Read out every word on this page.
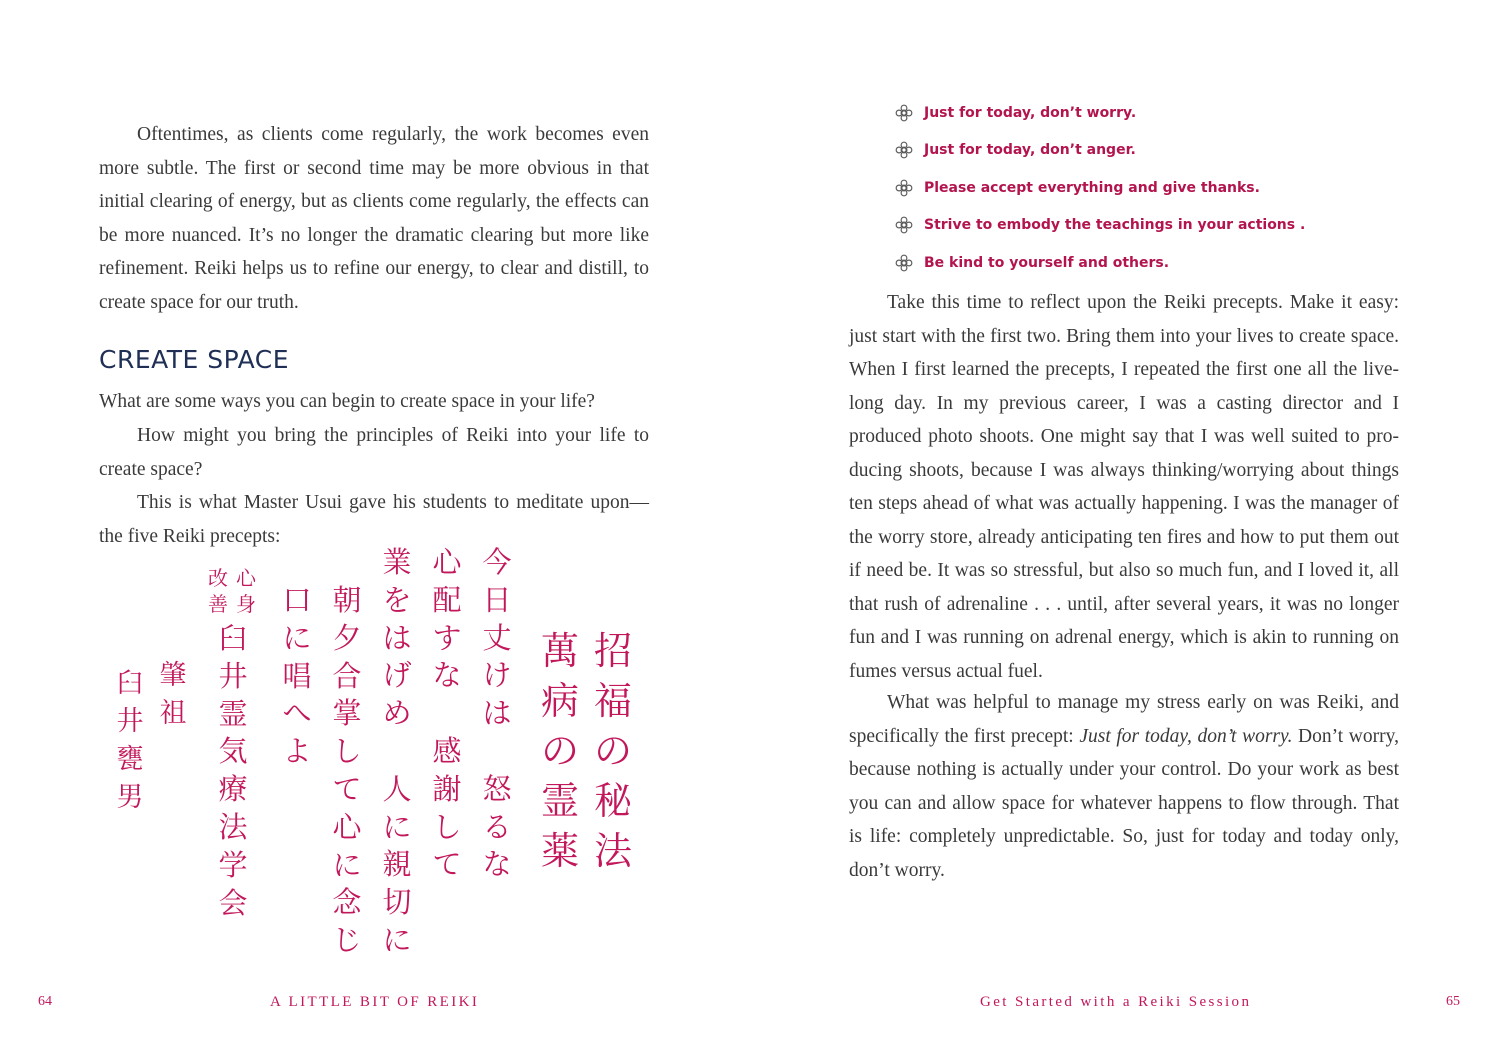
Oftentimes, as clients come regularly, the work becomes even more subtle. The first or second time may be more obvious in that initial clearing of energy, but as clients come regularly, the effects can be more nuanced. It’s no longer the dramatic clearing but more like refinement. Reiki helps us to refine our energy, to clear and distill, to create space for our truth.

CREATE SPACE

What are some ways you can begin to create space in your life?

How might you bring the principles of Reiki into your life to create space?

This is what Master Usui gave his students to meditate upon—the five Reiki precepts:

招
福
の
秘
法
萬
病
の
霊
薬
今
日
丈
け
は

怒
る
な
心
配
す
な

感
謝
し
て
業
を
は
げ
め

人
に
親
切
に
朝
夕
合
掌
し
て
心
に
念
じ
口
に
唱
へ
よ
心
身
改
善
臼
井
霊
気
療
法
学
会
肇
祖
臼
井
甕
男
64	A LITTLE BIT OF REIKI
Just for today, don’t worry.
Just for today, don’t anger.
Please accept everything and give thanks.
Strive to embody the teachings in your actions .
Be kind to yourself and others.

Take this time to reflect upon the Reiki precepts. Make it easy: just start with the first two. Bring them into your lives to create space. When I first learned the precepts, I repeated the first one all the live-long day. In my previous career, I was a casting director and I produced photo shoots. One might say that I was well suited to pro-ducing shoots, because I was always thinking/worrying about things ten steps ahead of what was actually happening. I was the manager of the worry store, already anticipating ten fires and how to put them out if need be. It was so stressful, but also so much fun, and I loved it, all that rush of adrenaline . . . until, after several years, it was no longer fun and I was running on adrenal energy, which is akin to running on fumes versus actual fuel.

What was helpful to manage my stress early on was Reiki, and specifically the first precept: Just for today, don’t worry. Don’t worry, because nothing is actually under your control. Do your work as best you can and allow space for whatever happens to flow through. That is life: completely unpredictable. So, just for today and today only, don’t worry.

Get Started with a Reiki Session	65
